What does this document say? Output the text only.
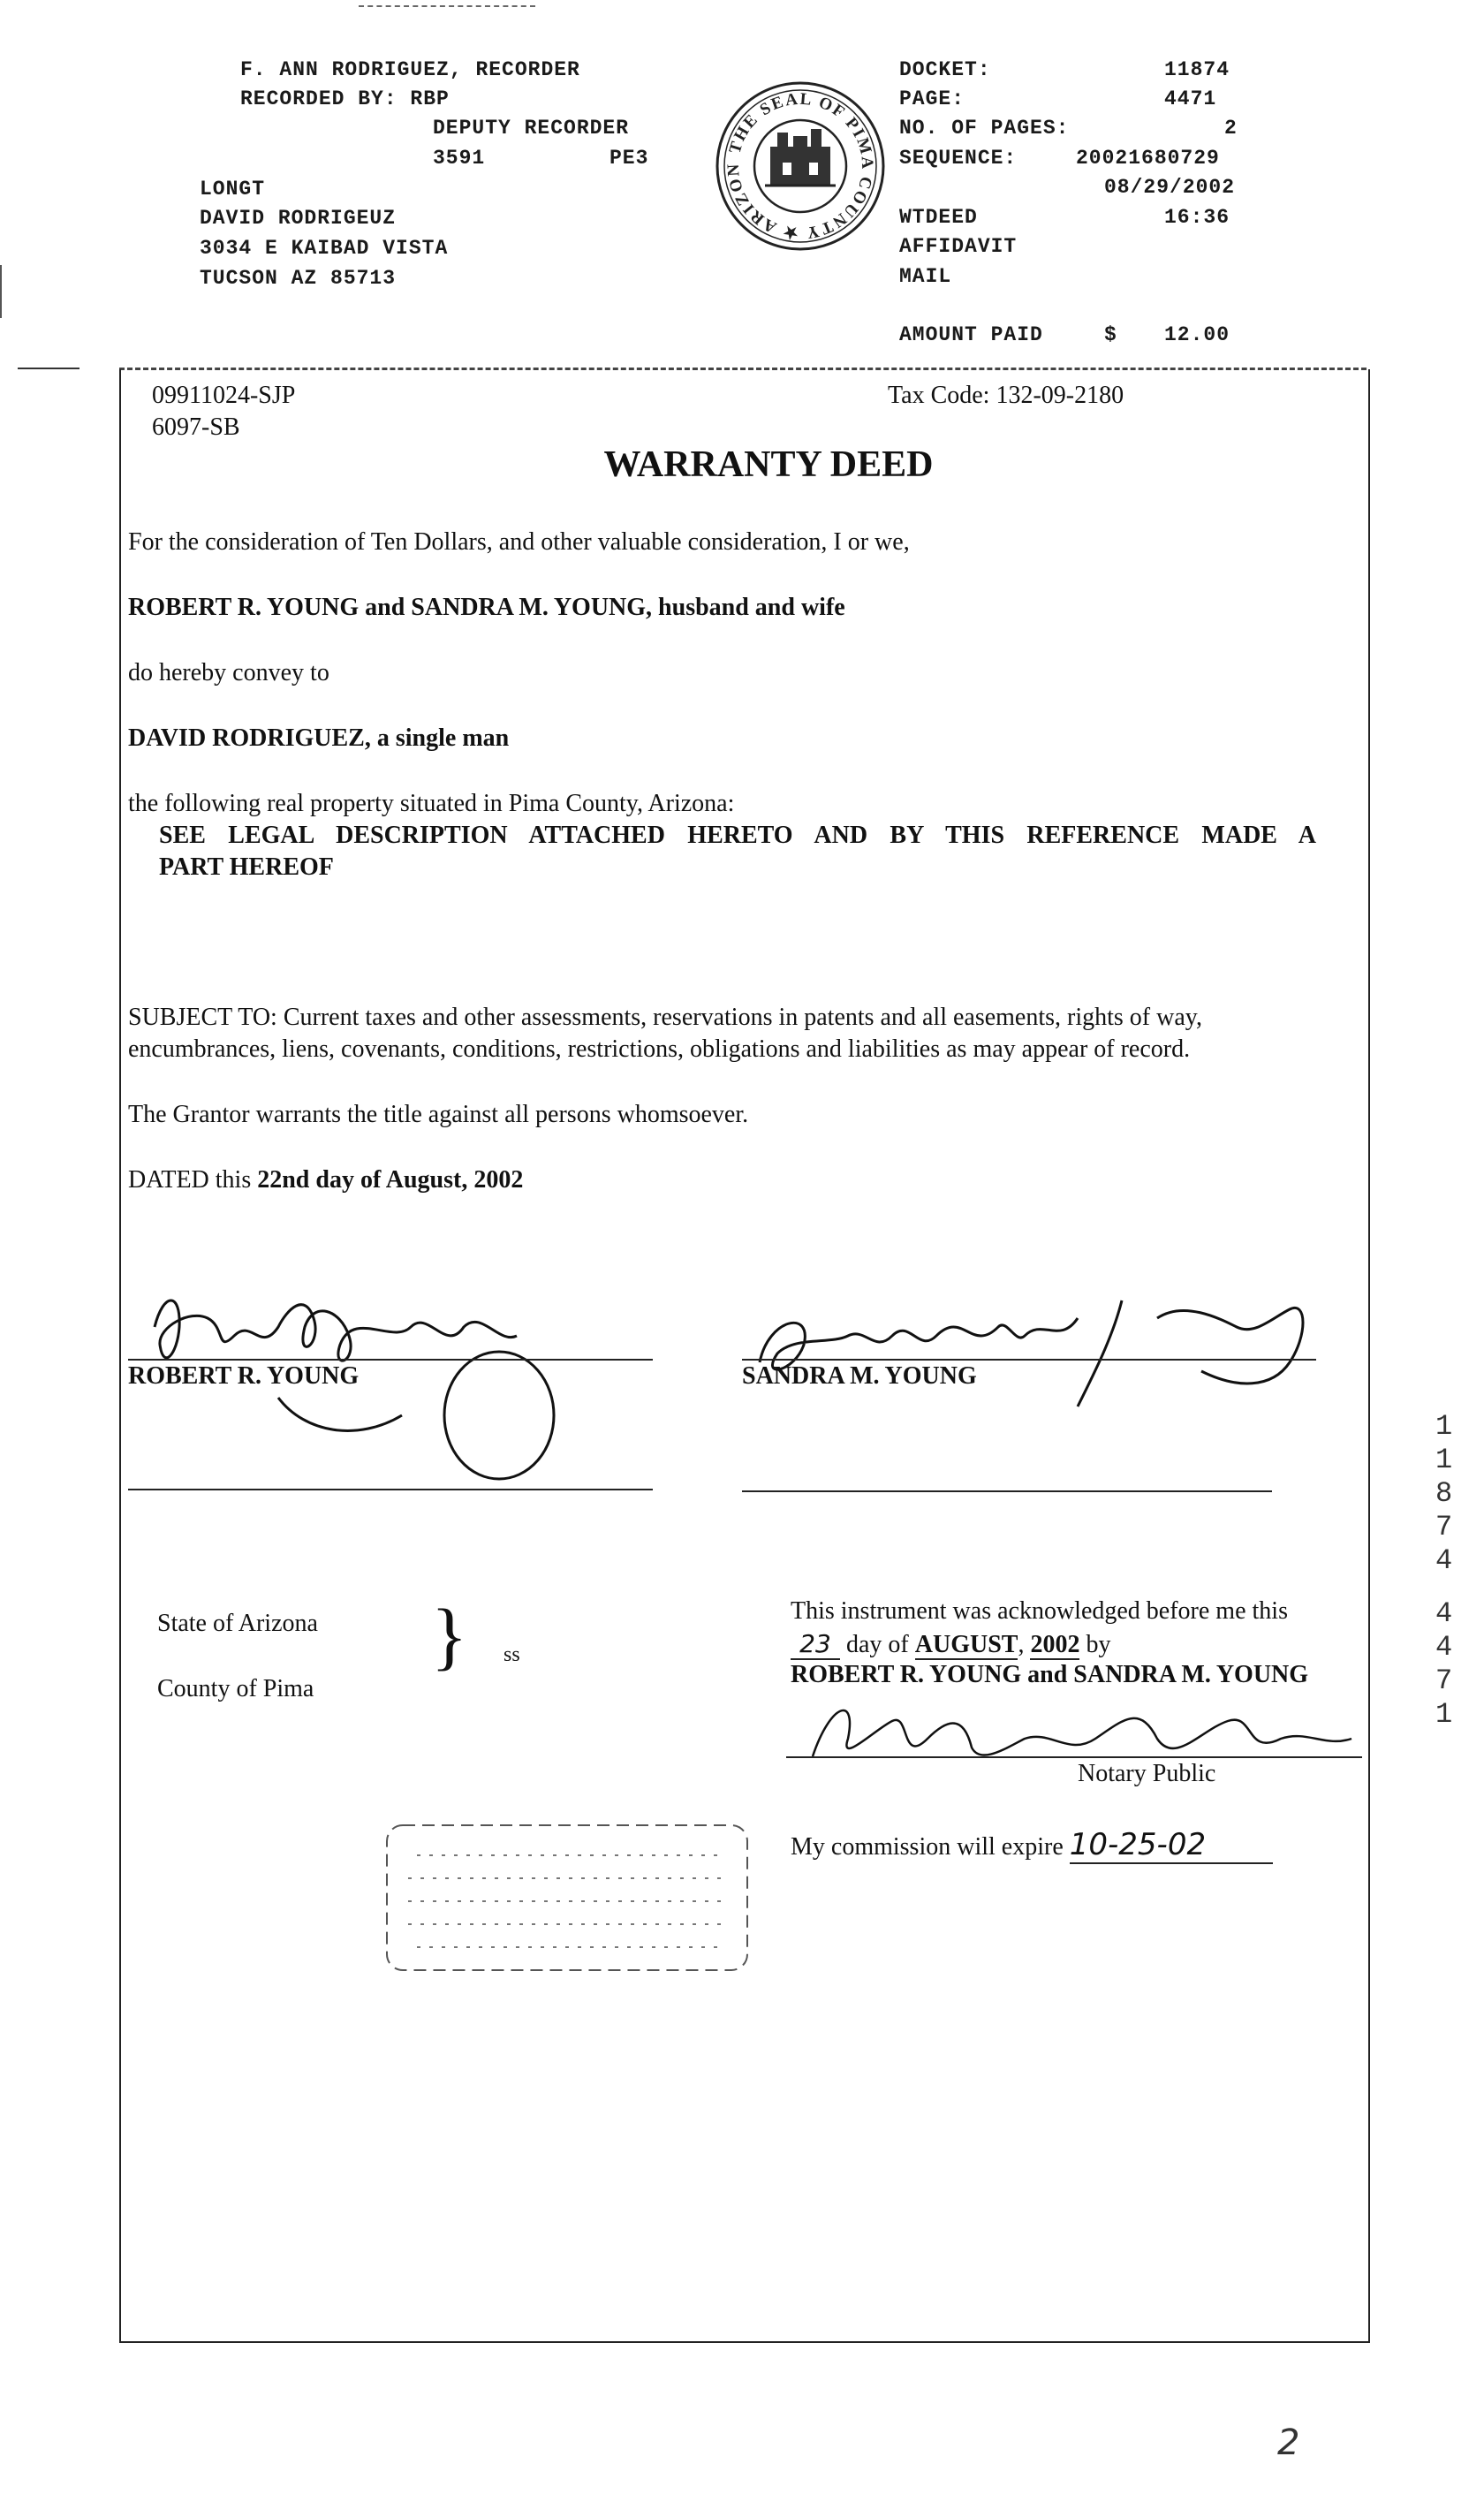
F. ANN RODRIGUEZ, RECORDER
RECORDED BY: RBP
DEPUTY RECORDER
3591	PE3
LONGT
DAVID RODRIGEUZ
3034 E KAIBAD VISTA
TUCSON AZ 85713
THE SEAL OF PIMA COUNTY ★ ARIZON
DOCKET:	11874
PAGE:	4471
NO. OF PAGES:	2
SEQUENCE:	20021680729
08/29/2002
WTDEED	16:36
AFFIDAVIT
MAIL
AMOUNT PAID	$ 12.00
09911024-SJP
6097-SB
Tax Code: 132-09-2180
WARRANTY DEED
For the consideration of Ten Dollars, and other valuable consideration, I or we,
ROBERT R. YOUNG and SANDRA M. YOUNG, husband and wife
do hereby convey to
DAVID RODRIGUEZ, a single man
the following real property situated in Pima County, Arizona:
SEE LEGAL DESCRIPTION ATTACHED HERETO AND BY THIS REFERENCE MADE A
PART HEREOF
SUBJECT TO: Current taxes and other assessments, reservations in patents and all easements, rights of way,
encumbrances, liens, covenants, conditions, restrictions, obligations and liabilities as may appear of record.
The Grantor warrants the title against all persons whomsoever.
DATED this 22nd day of August, 2002
ROBERT R. YOUNG	SANDRA M. YOUNG
State of Arizona
County of Pima
} ss
This instrument was acknowledged before me this
23 day of AUGUST, 2002 by
ROBERT R. YOUNG and SANDRA M. YOUNG
Notary Public
My commission will expire 10-25-02
1
1
8
7
4
4
4
7
1
2
